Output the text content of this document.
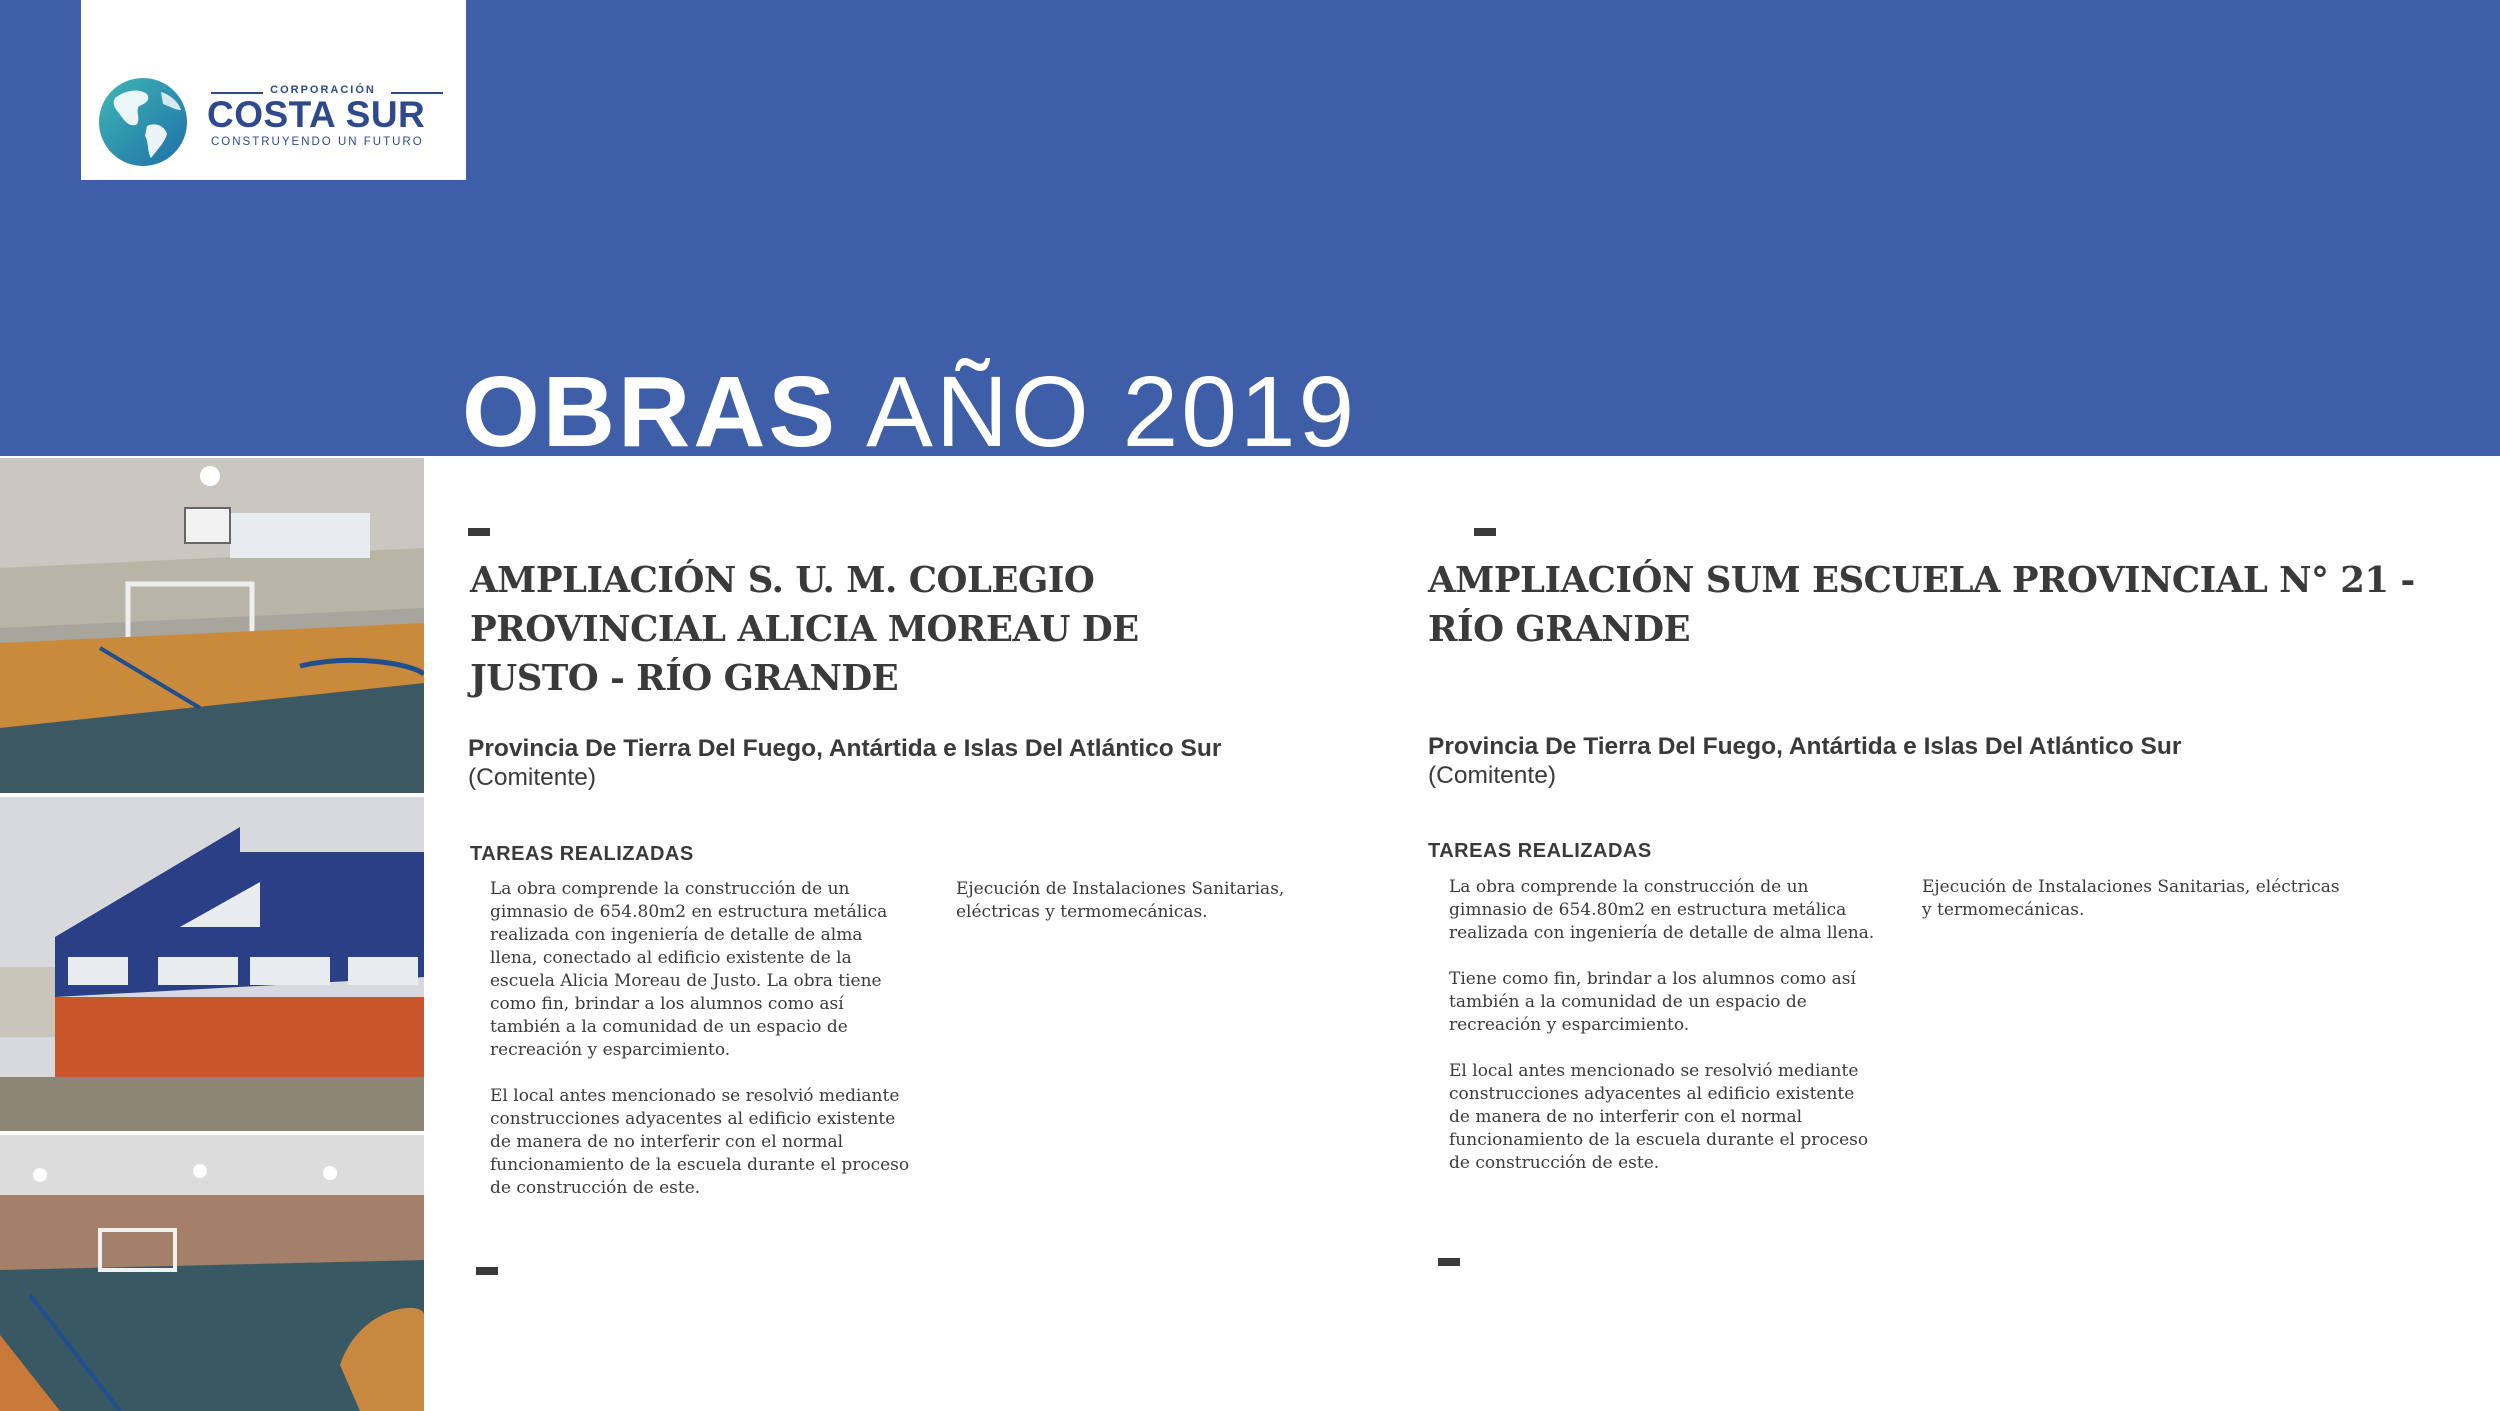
CORPORACIÓN
COSTA SUR
CONSTRUYENDO UN FUTURO
OBRAS AÑO 2019
AMPLIACIÓN S. U. M. COLEGIO PROVINCIAL ALICIA MOREAU DE JUSTO - RÍO GRANDE
Provincia De Tierra Del Fuego, Antártida e Islas Del Atlántico Sur (Comitente)
TAREAS REALIZADAS
La obra comprende la construcción de un gimnasio de 654.80m2 en estructura metálica realizada con ingeniería de detalle de alma llena, conectado al edificio existente de la escuela Alicia Moreau de Justo. La obra tiene como fin, brindar a los alumnos como así también a la comunidad de un espacio de recreación y esparcimiento.

El local antes mencionado se resolvió mediante construcciones adyacentes al edificio existente de manera de no interferir con el normal funcionamiento de la escuela durante el proceso de construcción de este.
Ejecución de Instalaciones Sanitarias, eléctricas y termomecánicas.
AMPLIACIÓN SUM ESCUELA PROVINCIAL N° 21 - RÍO GRANDE
Provincia De Tierra Del Fuego, Antártida e Islas Del Atlántico Sur (Comitente)
TAREAS REALIZADAS
La obra comprende la construcción de un gimnasio de 654.80m2 en estructura metálica realizada con ingeniería de detalle de alma llena.

Tiene como fin, brindar a los alumnos como así también a la comunidad de un espacio de recreación y esparcimiento.

El local antes mencionado se resolvió mediante construcciones adyacentes al edificio existente de manera de no interferir con el normal funcionamiento de la escuela durante el proceso de construcción de este.
Ejecución de Instalaciones Sanitarias, eléctricas y termomecánicas.
